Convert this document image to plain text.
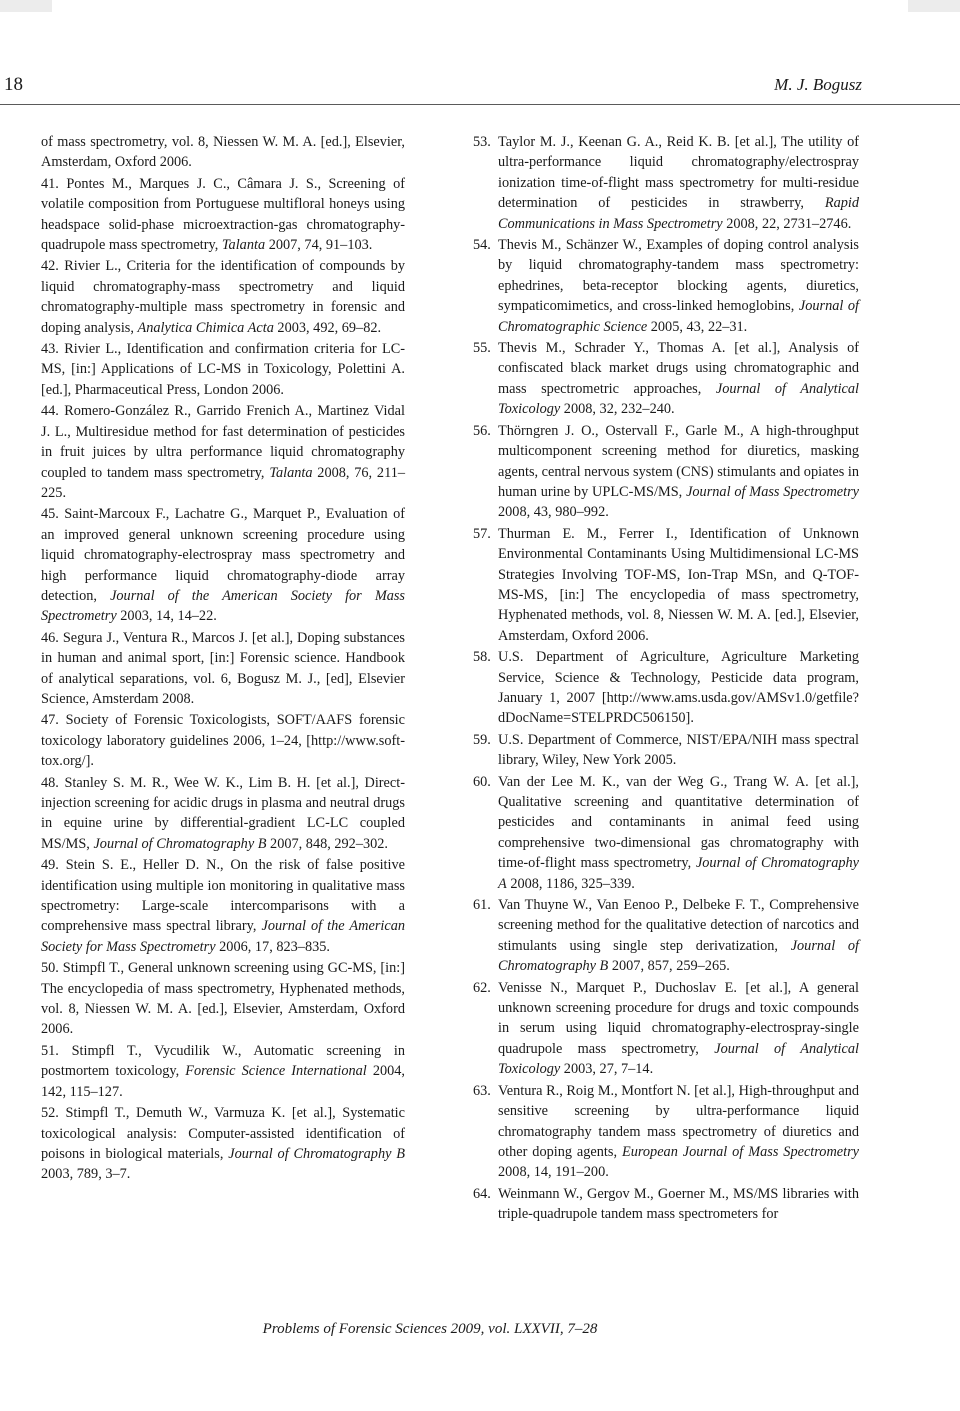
18	M. J. Bogusz
of mass spectrometry, vol. 8, Niessen W. M. A. [ed.], Elsevier, Amsterdam, Oxford 2006.
41. Pontes M., Marques J. C., Câmara J. S., Screening of volatile composition from Portuguese multifloral honeys using headspace solid-phase microextraction-gas chromatography-quadrupole mass spectrometry, Talanta 2007, 74, 91–103.
42. Rivier L., Criteria for the identification of compounds by liquid chromatography-mass spectrometry and liquid chromatography-multiple mass spectrometry in forensic and doping analysis, Analytica Chimica Acta 2003, 492, 69–82.
43. Rivier L., Identification and confirmation criteria for LC-MS, [in:] Applications of LC-MS in Toxicology, Polettini A. [ed.], Pharmaceutical Press, London 2006.
44. Romero-González R., Garrido Frenich A., Martinez Vidal J. L., Multiresidue method for fast determination of pesticides in fruit juices by ultra performance liquid chromatography coupled to tandem mass spectrometry, Talanta 2008, 76, 211–225.
45. Saint-Marcoux F., Lachatre G., Marquet P., Evaluation of an improved general unknown screening procedure using liquid chromatography-electrospray mass spectrometry and high performance liquid chromatography-diode array detection, Journal of the American Society for Mass Spectrometry 2003, 14, 14–22.
46. Segura J., Ventura R., Marcos J. [et al.], Doping substances in human and animal sport, [in:] Forensic science. Handbook of analytical separations, vol. 6, Bogusz M. J., [ed], Elsevier Science, Amsterdam 2008.
47. Society of Forensic Toxicologists, SOFT/AAFS forensic toxicology laboratory guidelines 2006, 1–24, [http://www.soft-tox.org/].
48. Stanley S. M. R., Wee W. K., Lim B. H. [et al.], Direct-injection screening for acidic drugs in plasma and neutral drugs in equine urine by differential-gradient LC-LC coupled MS/MS, Journal of Chromatography B 2007, 848, 292–302.
49. Stein S. E., Heller D. N., On the risk of false positive identification using multiple ion monitoring in qualitative mass spectrometry: Large-scale intercomparisons with a comprehensive mass spectral library, Journal of the American Society for Mass Spectrometry 2006, 17, 823–835.
50. Stimpfl T., General unknown screening using GC-MS, [in:] The encyclopedia of mass spectrometry, Hyphenated methods, vol. 8, Niessen W. M. A. [ed.], Elsevier, Amsterdam, Oxford 2006.
51. Stimpfl T., Vycudilik W., Automatic screening in postmortem toxicology, Forensic Science International 2004, 142, 115–127.
52. Stimpfl T., Demuth W., Varmuza K. [et al.], Systematic toxicological analysis: Computer-assisted identification of poisons in biological materials, Journal of Chromatography B 2003, 789, 3–7.
53. Taylor M. J., Keenan G. A., Reid K. B. [et al.], The utility of ultra-performance liquid chromatography/electrospray ionization time-of-flight mass spectrometry for multi-residue determination of pesticides in strawberry, Rapid Communications in Mass Spectrometry 2008, 22, 2731–2746.
54. Thevis M., Schänzer W., Examples of doping control analysis by liquid chromatography-tandem mass spectrometry: ephedrines, beta-receptor blocking agents, diuretics, sympaticomimetics, and cross-linked hemoglobins, Journal of Chromatographic Science 2005, 43, 22–31.
55. Thevis M., Schrader Y., Thomas A. [et al.], Analysis of confiscated black market drugs using chromatographic and mass spectrometric approaches, Journal of Analytical Toxicology 2008, 32, 232–240.
56. Thörngren J. O., Ostervall F., Garle M., A high-throughput multicomponent screening method for diuretics, masking agents, central nervous system (CNS) stimulants and opiates in human urine by UPLC-MS/MS, Journal of Mass Spectrometry 2008, 43, 980–992.
57. Thurman E. M., Ferrer I., Identification of Unknown Environmental Contaminants Using Multidimensional LC-MS Strategies Involving TOF-MS, Ion-Trap MSn, and Q-TOF-MS-MS, [in:] The encyclopedia of mass spectrometry, Hyphenated methods, vol. 8, Niessen W. M. A. [ed.], Elsevier, Amsterdam, Oxford 2006.
58. U.S. Department of Agriculture, Agriculture Marketing Service, Science & Technology, Pesticide data program, January 1, 2007 [http://www.ams.usda.gov/AMSv1.0/getfile?dDocName=STELPRDC506150].
59. U.S. Department of Commerce, NIST/EPA/NIH mass spectral library, Wiley, New York 2005.
60. Van der Lee M. K., van der Weg G., Trang W. A. [et al.], Qualitative screening and quantitative determination of pesticides and contaminants in animal feed using comprehensive two-dimensional gas chromatography with time-of-flight mass spectrometry, Journal of Chromatography A 2008, 1186, 325–339.
61. Van Thuyne W., Van Eenoo P., Delbeke F. T., Comprehensive screening method for the qualitative detection of narcotics and stimulants using single step derivatization, Journal of Chromatography B 2007, 857, 259–265.
62. Venisse N., Marquet P., Duchoslav E. [et al.], A general unknown screening procedure for drugs and toxic compounds in serum using liquid chromatography-electrospray-single quadrupole mass spectrometry, Journal of Analytical Toxicology 2003, 27, 7–14.
63. Ventura R., Roig M., Montfort N. [et al.], High-throughput and sensitive screening by ultra-performance liquid chromatography tandem mass spectrometry of diuretics and other doping agents, European Journal of Mass Spectrometry 2008, 14, 191–200.
64. Weinmann W., Gergov M., Goerner M., MS/MS libraries with triple-quadrupole tandem mass spectrometers for
Problems of Forensic Sciences 2009, vol. LXXVII, 7–28
